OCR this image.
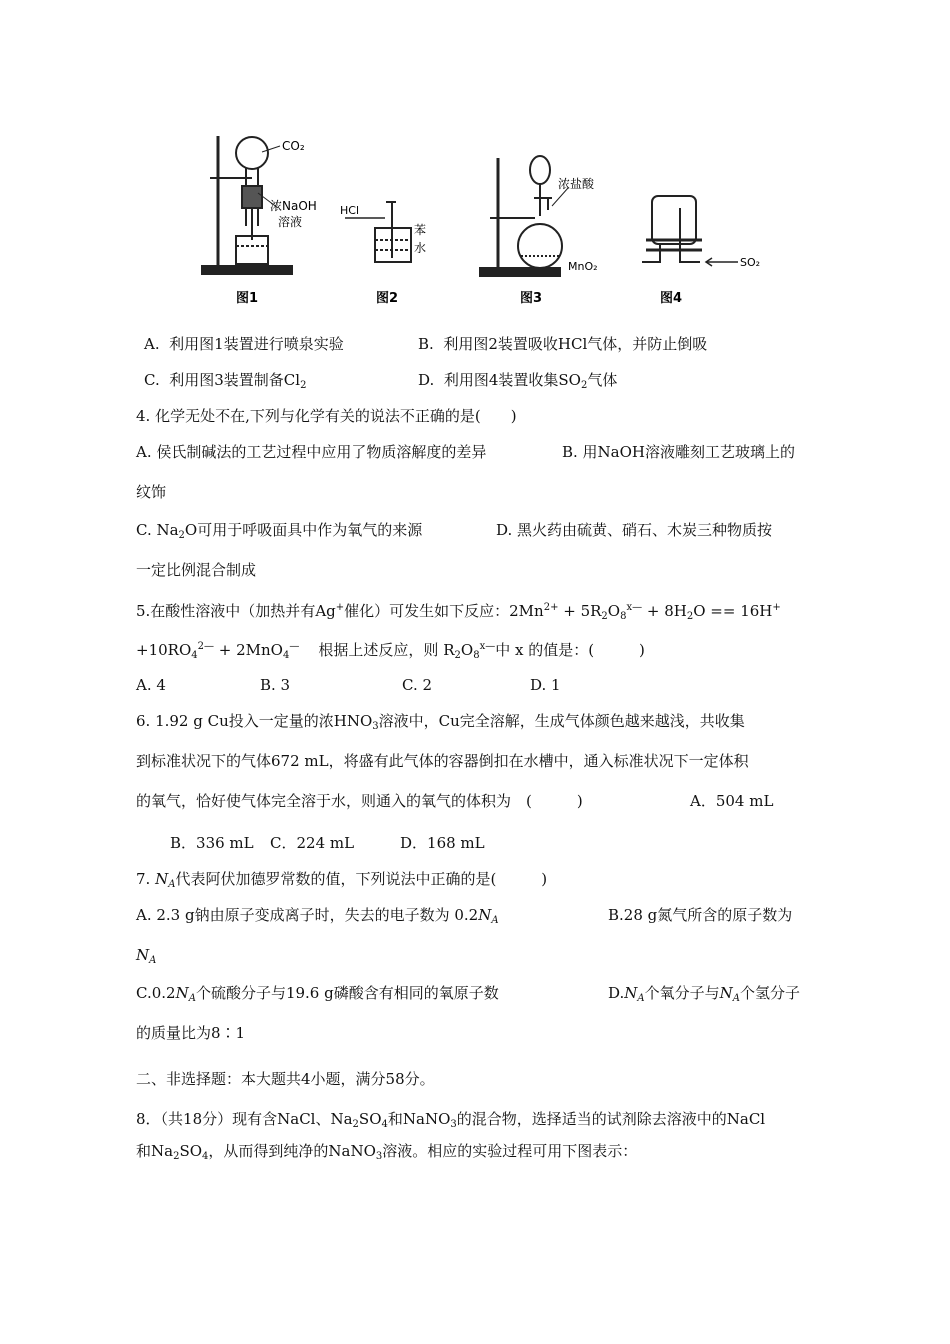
CO₂
浓NaOH
溶液
图1
HCl
苯
水
图2
浓盐酸
MnO₂
图3
SO₂
图4
A. 利用图1装置进行喷泉实验	B. 利用图2装置吸收HCl气体，并防止倒吸
C. 利用图3装置制备$Cl_2$	D. 利用图4装置收集$SO_2$气体
4. 化学无处不在,下列与化学有关的说法不正确的是(　　)
A. 侯氏制碱法的工艺过程中应用了物质溶解度的差异	B. 用NaOH溶液雕刻工艺玻璃上的
纹饰
C. $Na_2O$可用于呼吸面具中作为氧气的来源	D. 黑火药由硫黄、硝石、木炭三种物质按
一定比例混合制成
5.在酸性溶液中（加热并有Ag+催化）可发生如下反应：$2Mn^{2+} + 5R_2O_8^{x—} + 8H_2O == 16H^+$
$+10RO_4^{2—} + 2MnO_4^—$ 根据上述反应，则 $R_2O_8^{x—}$中 x 的值是：(　　　)
A. 4	B. 3	C. 2	D. 1
6. 1.92 g Cu投入一定量的浓$HNO_3$溶液中，Cu完全溶解，生成气体颜色越来越浅，共收集
到标准状况下的气体672 mL，将盛有此气体的容器倒扣在水槽中，通入标准状况下一定体积
的氧气，恰好使气体完全溶于水，则通入的氧气的体积为　(　　　)	A．504 mL
B．336 mL C．224 mL	D．168 mL
7. $N_A$代表阿伏加德罗常数的值，下列说法中正确的是(　　　)
A. 2.3 g钠由原子变成离子时，失去的电子数为 $0.2N_A$	B.28 g氮气所含的原子数为
$N_A$
$C.0.2N_A$个硫酸分子与19.6 g磷酸含有相同的氧原子数	$D.N_A$个氧分子与$N_A$个氢分子
的质量比为8∶1
二、非选择题：本大题共4小题，满分58分。
8．（共18分）现有含NaCl、$Na_2SO_4$和NaNO$_3$的混合物，选择适当的试剂除去溶液中的NaCl
和$Na_2SO_4$，从而得到纯净的NaNO$_3$溶液。相应的实验过程可用下图表示：
